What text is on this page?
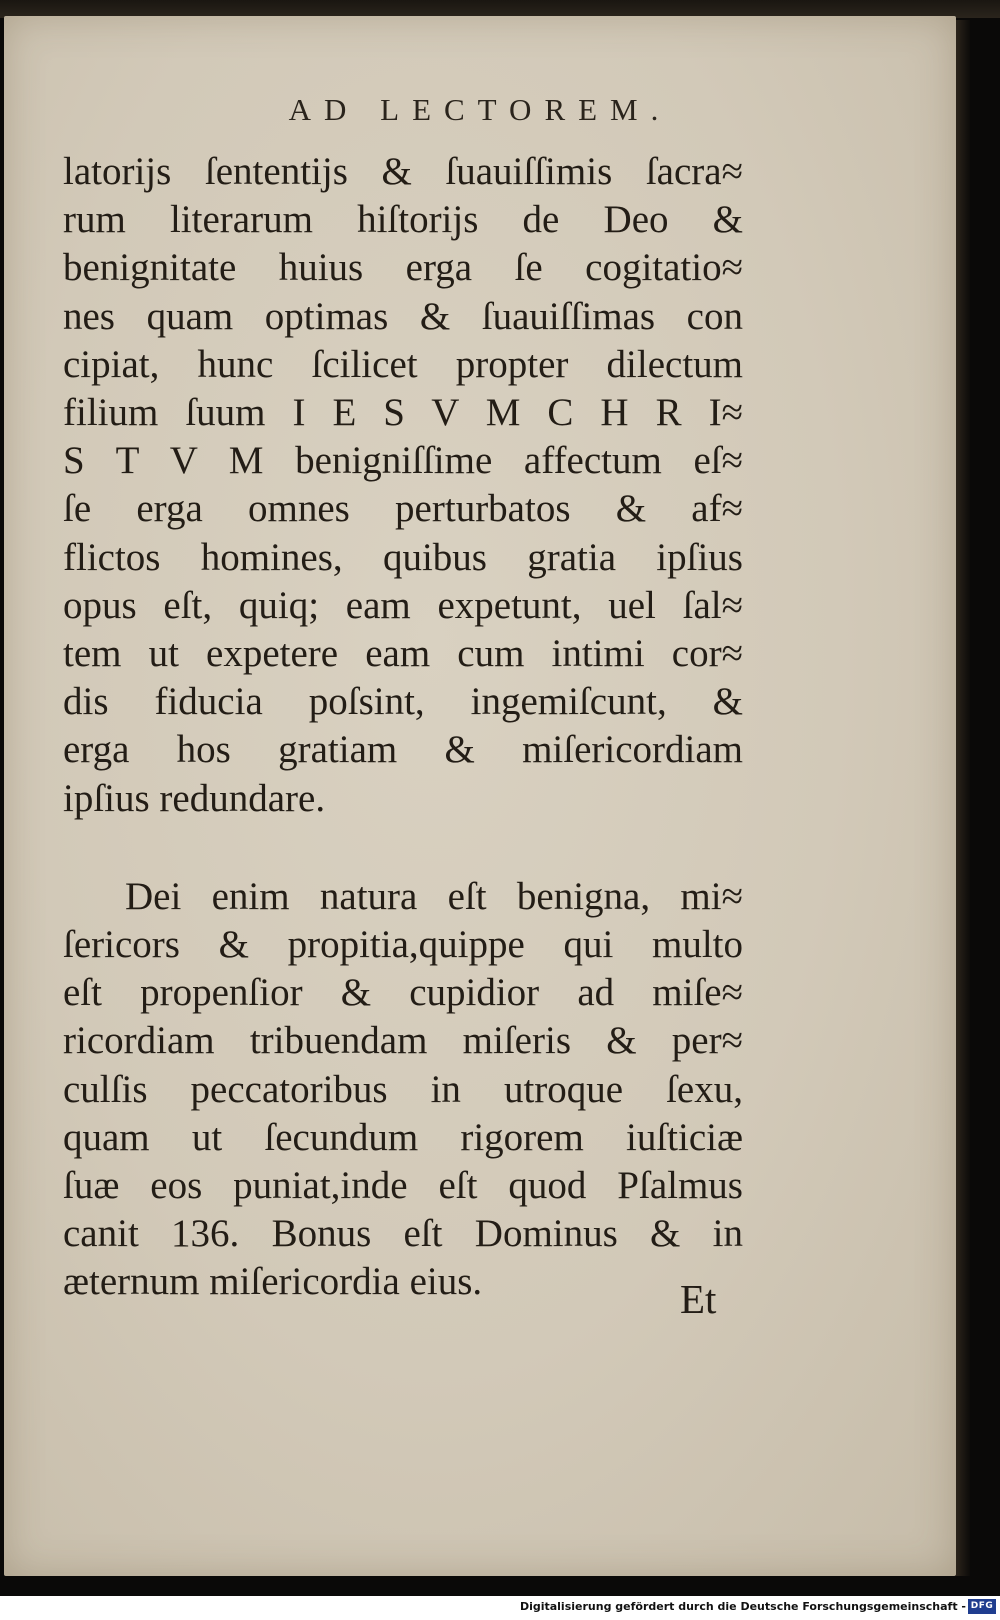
AD LECTOREM.
latorijs ſententijs & ſuauiſſimis ſacra≈
rum literarum hiſtorijs de Deo &
benignitate huius erga ſe cogitatio≈
nes quam optimas & ſuauiſſimas con
cipiat, hunc ſcilicet propter dilectum
filium ſuum I E S V M C H R I≈
S T V M benigniſſime affectum eſ≈
ſe erga omnes perturbatos & af≈
flictos homines, quibus gratia ipſius
opus eſt, quiq; eam expetunt, uel ſal≈
tem ut expetere eam cum intimi cor≈
dis fiducia poſsint, ingemiſcunt, &
erga hos gratiam & miſericordiam
ipſius redundare.
Dei enim natura eſt benigna, mi≈
ſericors & propitia,quippe qui multo
eſt propenſior & cupidior ad miſe≈
ricordiam tribuendam miſeris & per≈
culſis peccatoribus in utroque ſexu,
quam ut ſecundum rigorem iuſticiæ
ſuæ eos puniat,inde eſt quod Pſalmus
canit 136. Bonus eſt Dominus & in
æternum miſericordia eius.	Et
Digitalisierung gefördert durch die Deutsche Forschungsgemeinschaft - DFG
